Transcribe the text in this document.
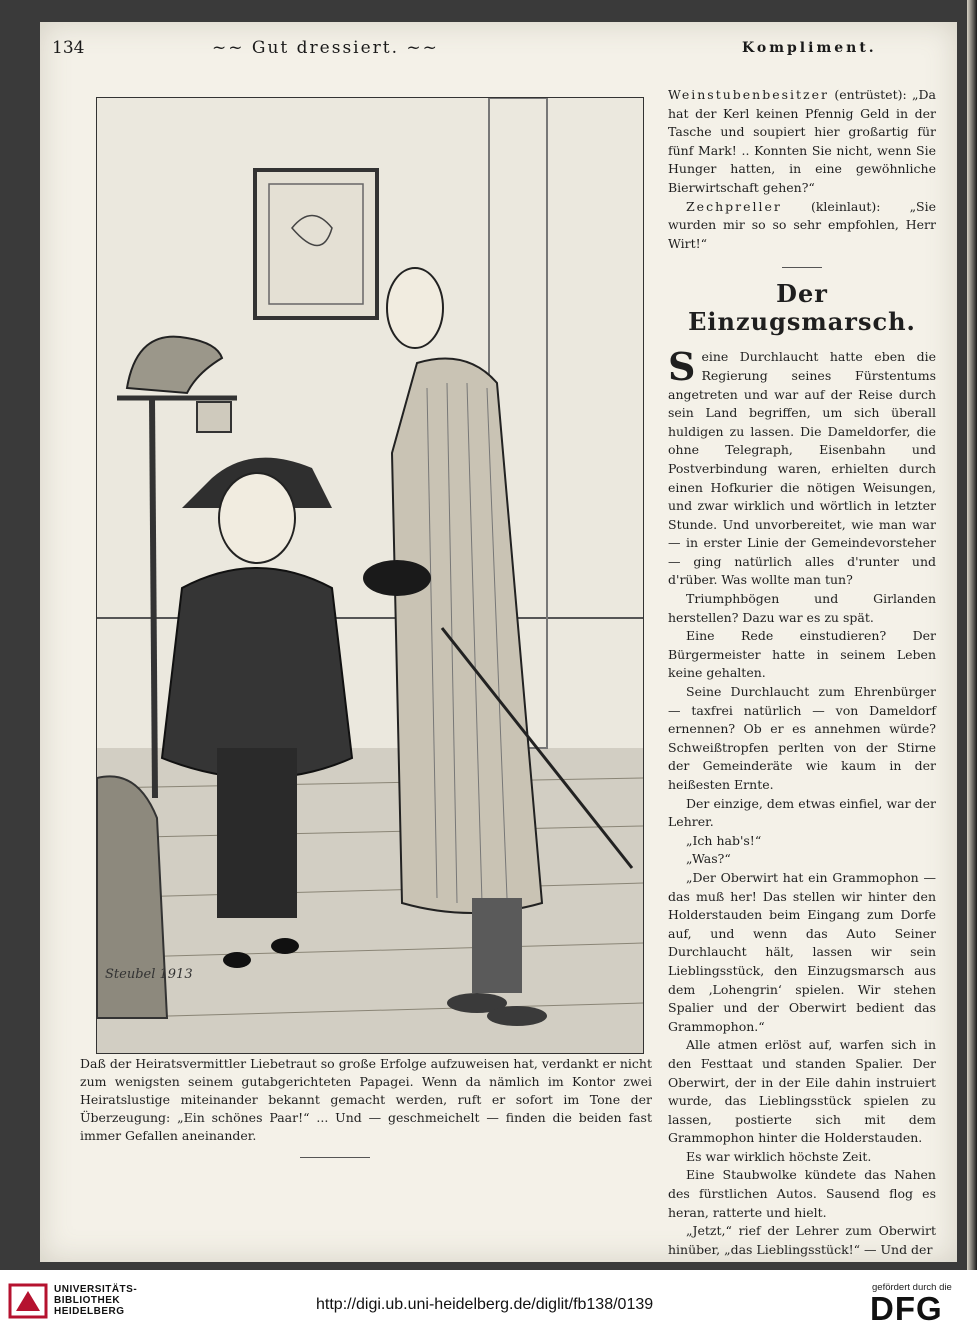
134	~~ Gut dressiert. ~~	Kompliment.
Steubel 1913

Daß der Heiratsvermittler Liebetraut so große Erfolge aufzuweisen hat, verdankt er nicht zum wenigsten seinem gutabgerichteten Papagei. Wenn da nämlich im Kontor zwei Heiratslustige miteinander bekannt gemacht werden, ruft er sofort im Tone der Überzeugung: „Ein schönes Paar!“ ... Und — geschmeichelt — finden die beiden fast immer Gefallen aneinander.

Weinstubenbesitzer (entrüstet): „Da hat der Kerl keinen Pfennig Geld in der Tasche und soupiert hier großartig für fünf Mark! .. Konnten Sie nicht, wenn Sie Hunger hatten, in eine gewöhnliche Bierwirtschaft gehen?“

Zechpreller (kleinlaut): „Sie wurden mir so so sehr empfohlen, Herr Wirt!“

Der Einzugsmarsch.

Seine Durchlaucht hatte eben die Regierung seines Fürstentums angetreten und war auf der Reise durch sein Land begriffen, um sich überall huldigen zu lassen. Die Dameldorfer, die ohne Telegraph, Eisenbahn und Postverbindung waren, erhielten durch einen Hofkurier die nötigen Weisungen, und zwar wirklich und wörtlich in letzter Stunde. Und unvorbereitet, wie man war — in erster Linie der Gemeindevorsteher — ging natürlich alles d'runter und d'rüber. Was wollte man tun?

Triumphbögen und Girlanden herstellen? Dazu war es zu spät.

Eine Rede einstudieren? Der Bürgermeister hatte in seinem Leben keine gehalten.

Seine Durchlaucht zum Ehrenbürger — taxfrei natürlich — von Dameldorf ernennen? Ob er es annehmen würde? Schweißtropfen perlten von der Stirne der Gemeinderäte wie kaum in der heißesten Ernte.

Der einzige, dem etwas einfiel, war der Lehrer.

„Ich hab's!“

„Was?“

„Der Oberwirt hat ein Grammophon — das muß her! Das stellen wir hinter den Holderstauden beim Eingang zum Dorfe auf, und wenn das Auto Seiner Durchlaucht hält, lassen wir sein Lieblingsstück, den Einzugsmarsch aus dem ‚Lohengrin‘ spielen. Wir stehen Spalier und der Oberwirt bedient das Grammophon.“

Alle atmen erlöst auf, warfen sich in den Festtaat und standen Spalier. Der Oberwirt, der in der Eile dahin instruiert wurde, das Lieblingsstück spielen zu lassen, postierte sich mit dem Grammophon hinter die Holderstauden.

Es war wirklich höchste Zeit.

Eine Staubwolke kündete das Nahen des fürstlichen Autos. Sausend flog es heran, ratterte und hielt.

„Jetzt,“ rief der Lehrer zum Oberwirt hinüber, „das Lieblingsstück!“ — Und der

UNIVERSITÄTS-
BIBLIOTHEK
HEIDELBERG	http://digi.ub.uni-heidelberg.de/diglit/fb138/0139
gefördert durch die
DFG
